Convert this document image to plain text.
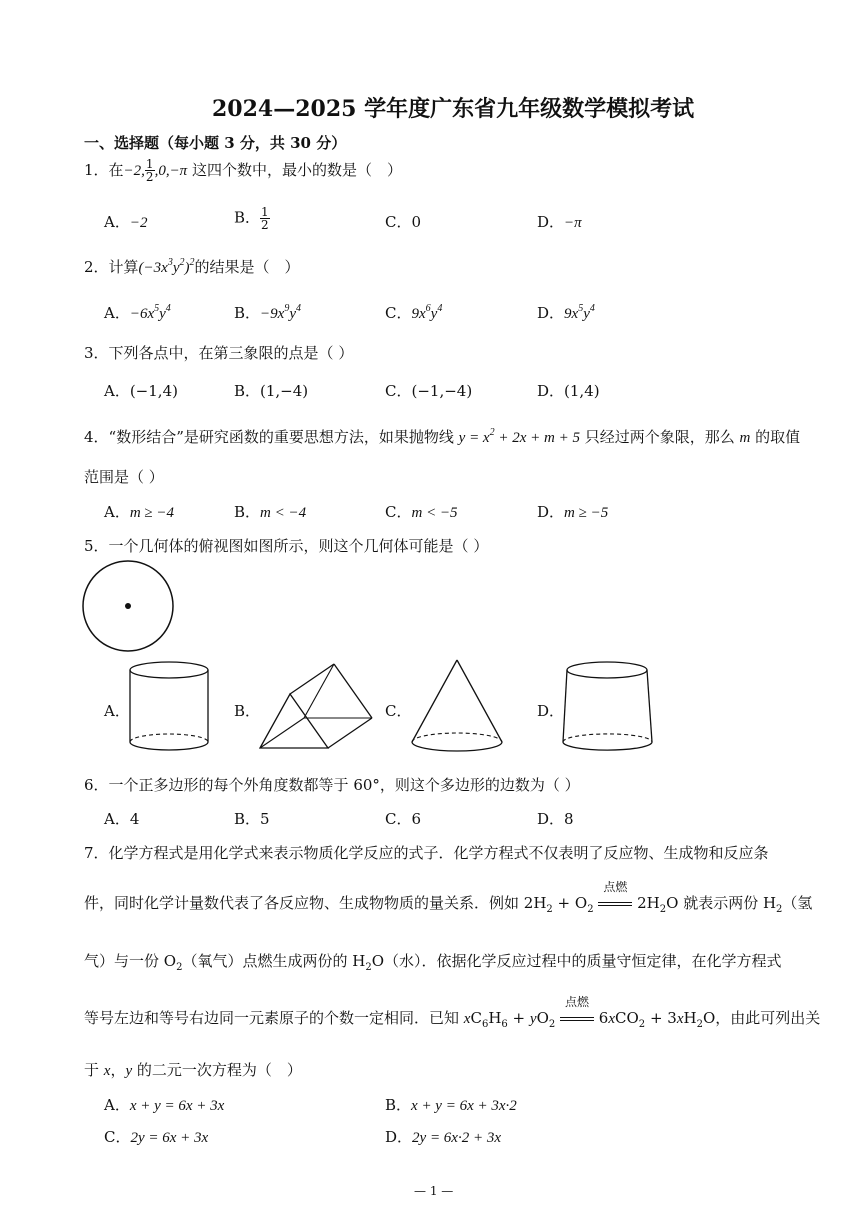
2024—2025 学年度广东省九年级数学模拟考试
一、选择题（每小题 3 分，共 30 分）
1．在−2, $\frac{1}{2} ,0,-\pi$ 这四个数中，最小的数是（　）
A．−2	B． $\frac{1}{2}$	C．0	D．−π
2．计算$(-3x^3y^2)^2$的结果是（　）
A．$-6x^5y^4$	B．$-9x^9y^4$	C．$9x^6y^4$	D．$9x^5y^4$
3．下列各点中，在第三象限的点是（ ）
A．(−1,4)	B．(1,−4)	C．(−1,−4)	D．(1,4)
4．“数形结合”是研究函数的重要思想方法，如果抛物线 $y = x^2 + 2x + m + 5$ 只经过两个象限，那么 m 的取值
范围是（ ）
A．m ≥ −4	B．m < −4	C．m < −5	D．m ≥ −5
5．一个几何体的俯视图如图所示，则这个几何体可能是（ ）
A．	B．	C．	D．
6．一个正多边形的每个外角度数都等于 60°，则这个多边形的边数为（ ）
A．4	B．5	C．6	D．8
7．化学方程式是用化学式来表示物质化学反应的式子．化学方程式不仅表明了反应物、生成物和反应条
件，同时化学计量数代表了各反应物、生成物物质的量关系．例如 $2H_2 + O_2$
点燃
$2H_2O$ 就表示两份 $H_2$（氢
气）与一份 $O_2$（氧气）点燃生成两份的 $H_2O$（水）．依据化学反应过程中的质量守恒定律，在化学方程式
等号左边和等号右边同一元素原子的个数一定相同．已知 $xC_6H_6 + yO_2$
点燃
$6xCO_2 + 3xH_2O$，由此可列出关
于 x，y 的二元一次方程为（　）
A．x + y = 6x + 3x	B．x + y = 6x + 3x·2
C．2y = 6x + 3x	D．2y = 6x·2 + 3x
— 1 —
